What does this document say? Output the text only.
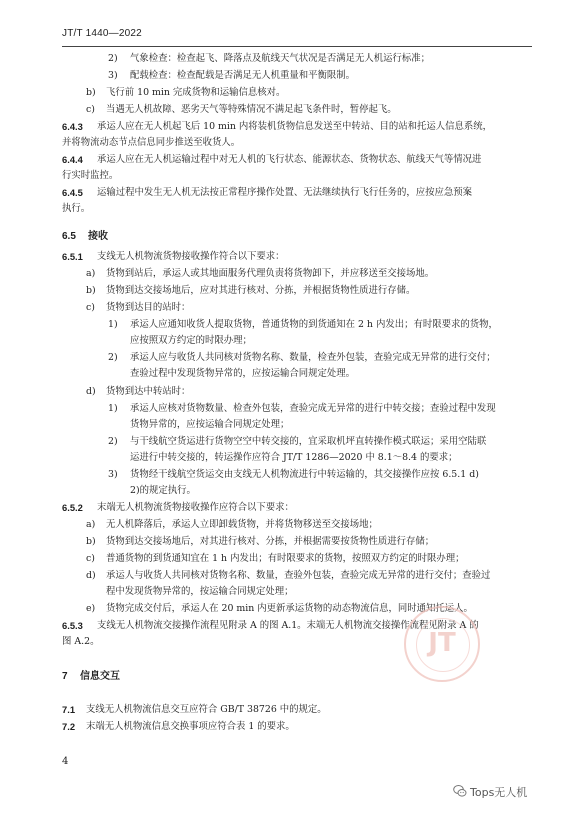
JT/T 1440—2022
2) 气象检查：检查起飞、降落点及航线天气状况是否满足无人机运行标准；
3) 配载检查：检查配载是否满足无人机重量和平衡限制。
b) 飞行前 10 min 完成货物和运输信息核对。
c) 当遇无人机故障、恶劣天气等特殊情况不满足起飞条件时，暂停起飞。
6.4.3 承运人应在无人机起飞后 10 min 内将装机货物信息发送至中转站、目的站和托运人信息系统，
并将物流动态节点信息同步推送至收货人。
6.4.4 承运人应在无人机运输过程中对无人机的飞行状态、能源状态、货物状态、航线天气等情况进
行实时监控。
6.4.5 运输过程中发生无人机无法按正常程序操作处置、无法继续执行飞行任务的，应按应急预案
执行。
6.5.1 支线无人机物流货物接收操作符合以下要求：
a) 货物到站后，承运人或其地面服务代理负责将货物卸下，并应移送至交接场地。
b) 货物到达交接场地后，应对其进行核对、分拣，并根据货物性质进行存储。
c) 货物到达目的站时：
1) 承运人应通知收货人提取货物，普通货物的到货通知在 2 h 内发出；有时限要求的货物，
应按照双方约定的时限办理；
2) 承运人应与收货人共同核对货物名称、数量，检查外包装，查验完成无异常的进行交付；
查验过程中发现货物异常的，应按运输合同规定处理。
d) 货物到达中转站时：
1) 承运人应核对货物数量、检查外包装，查验完成无异常的进行中转交接；查验过程中发现
货物异常的，应按运输合同规定处理；
2) 与干线航空货运进行货物空空中转交接的，宜采取机坪直转操作模式联运；采用空陆联
运进行中转交接的，转运操作应符合 JT/T 1286—2020 中 8.1～8.4 的要求；
3) 货物经干线航空货运交由支线无人机物流进行中转运输的，其交接操作应按 6.5.1 d)
2)的规定执行。
6.5.2 末端无人机物流货物接收操作应符合以下要求：
a) 无人机降落后，承运人立即卸载货物，并将货物移送至交接场地；
b) 货物到达交接场地后，对其进行核对、分拣，并根据需要按货物性质进行存储；
c) 普通货物的到货通知宜在 1 h 内发出；有时限要求的货物，按照双方约定的时限办理；
d) 承运人与收货人共同核对货物名称、数量，查验外包装，查验完成无异常的进行交付；查验过
程中发现货物异常的，按运输合同规定处理；
e) 货物完成交付后，承运人在 20 min 内更新承运货物的动态物流信息，同时通知托运人。
6.5.3 支线无人机物流交接操作流程见附录 A 的图 A.1。末端无人机物流交接操作流程见附录 A 的
图 A.2。
7.1 支线无人机物流信息交互应符合 GB/T 38726 中的规定。
7.2 末端无人机物流信息交换事项应符合表 1 的要求。
6.5 接收
7 信息交互
JT
4
Tops无人机
